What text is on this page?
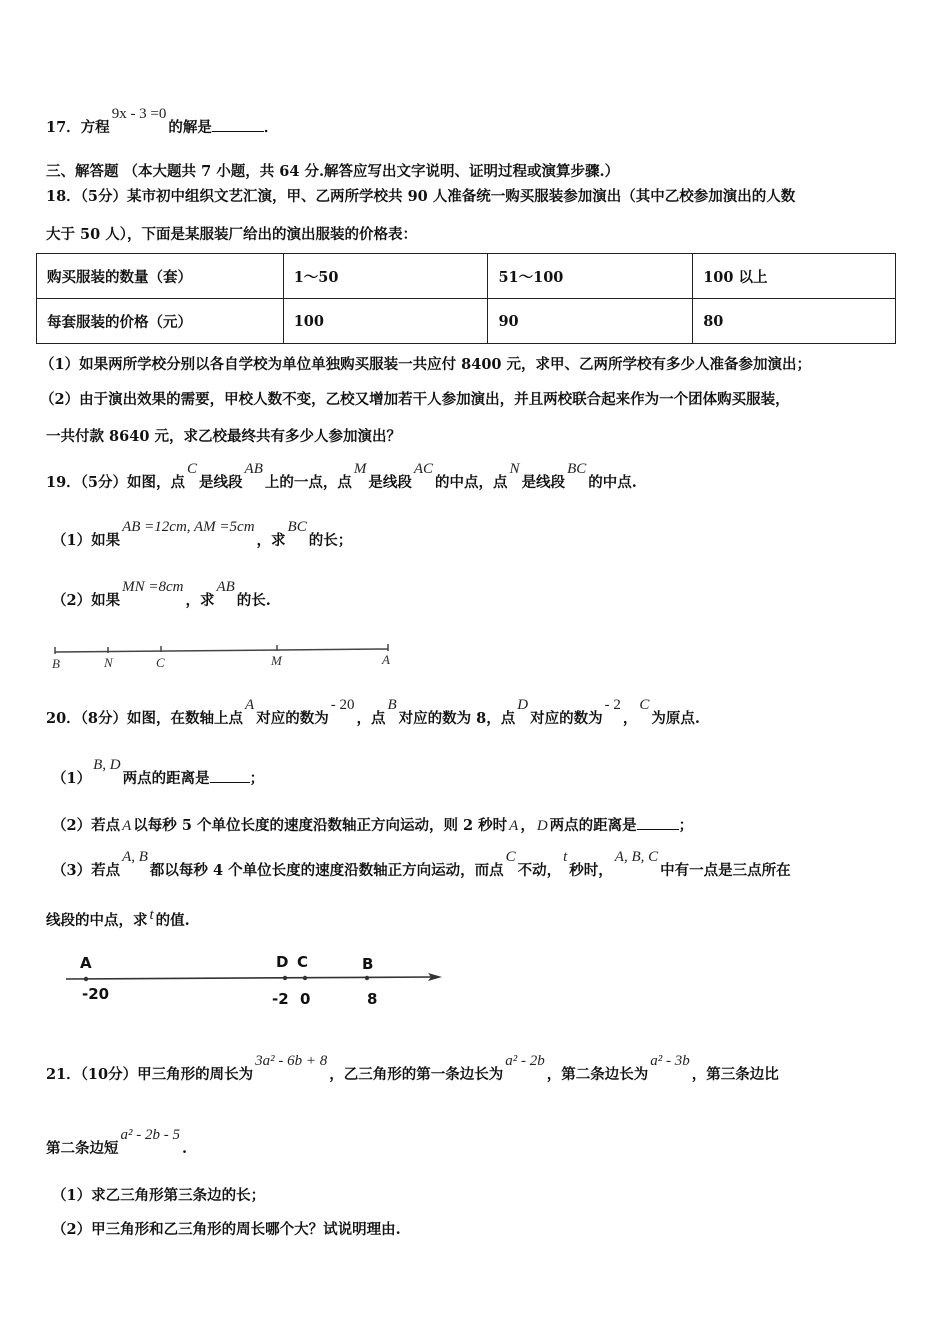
17．方程9x - 3 =0的解是	．
三、解答题 （本大题共 7 小题，共 64 分.解答应写出文字说明、证明过程或演算步骤.）
18．（5分）某市初中组织文艺汇演，甲、乙两所学校共 90 人准备统一购买服装参加演出（其中乙校参加演出的人数
大于 50 人），下面是某服装厂给出的演出服装的价格表：
购买服装的数量（套）	1～50	51～100	100 以上
每套服装的价格（元）	100	90	80
（1）如果两所学校分别以各自学校为单位单独购买服装一共应付 8400 元，求甲、乙两所学校有多少人准备参加演出；
（2）由于演出效果的需要，甲校人数不变，乙校又增加若干人参加演出，并且两校联合起来作为一个团体购买服装，
一共付款 8640 元，求乙校最终共有多少人参加演出？
19．（5分）如图，点C是线段AB上的一点，点M是线段AC的中点，点N是线段BC的中点.
（1）如果AB =12cm, AM =5cm，求BC的长；
（2）如果MN =8cm，求AB的长.
B	N	C	M	A
20．（8分）如图，在数轴上点A对应的数为- 20，点B对应的数为 8，点D对应的数为- 2，C为原点.
（1）B, D两点的距离是	；
（2）若点 A 以每秒 5 个单位长度的速度沿数轴正方向运动，则 2 秒时 A ， D 两点的距离是	；
（3）若点A, B都以每秒 4 个单位长度的速度沿数轴正方向运动，而点C不动，t秒时，A, B, C中有一点是三点所在
线段的中点，求 t 的值.
A
-20
D
-2
C
0
B
8
21．（10分）甲三角形的周长为3a² - 6b + 8，乙三角形的第一条边长为a² - 2b，第二条边长为a² - 3b，第三条边比
第二条边短a² - 2b - 5.
（1）求乙三角形第三条边的长；
（2）甲三角形和乙三角形的周长哪个大？试说明理由.
